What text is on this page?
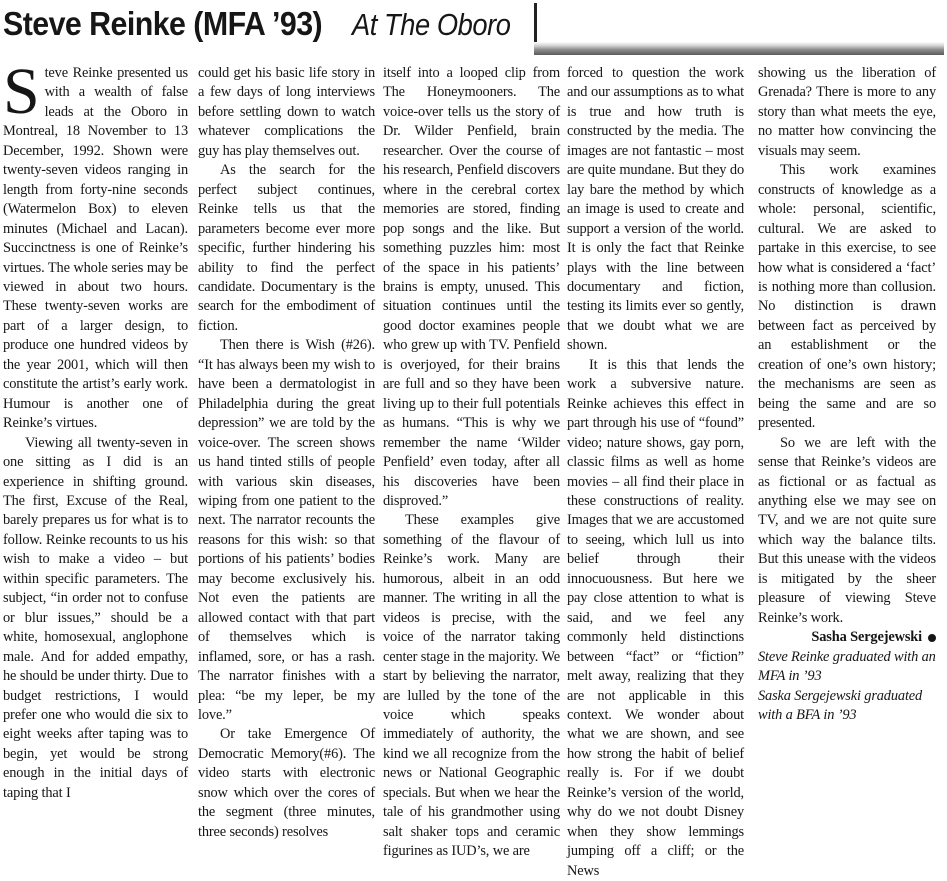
Steve Reinke (MFA ’93) At The Oboro

Steve Reinke presented us with a wealth of false leads at the Oboro in Montreal, 18 November to 13 December, 1992. Shown were twenty-seven videos ranging in length from forty-nine seconds (Watermelon Box) to eleven minutes (Michael and Lacan). Succinctness is one of Reinke’s virtues. The whole series may be viewed in about two hours. These twenty-seven works are part of a larger design, to produce one hundred videos by the year 2001, which will then constitute the artist’s early work. Humour is another one of Reinke’s virtues.

Viewing all twenty-seven in one sitting as I did is an experience in shifting ground. The first, Excuse of the Real, barely prepares us for what is to follow. Reinke recounts to us his wish to make a video – but within specific parameters. The subject, “in order not to confuse or blur issues,” should be a white, homosexual, anglophone male. And for added empathy, he should be under thirty. Due to budget restrictions, I would prefer one who would die six to eight weeks after taping was to begin, yet would be strong enough in the initial days of taping that I

could get his basic life story in a few days of long interviews before settling down to watch whatever complications the guy has play themselves out.

As the search for the perfect subject continues, Reinke tells us that the parameters become ever more specific, further hindering his ability to find the perfect candidate. Documentary is the search for the embodiment of fiction.

Then there is Wish (#26). “It has always been my wish to have been a dermatologist in Philadelphia during the great depression” we are told by the voice-over. The screen shows us hand tinted stills of people with various skin diseases, wiping from one patient to the next. The narrator recounts the reasons for this wish: so that portions of his patients’ bodies may become exclusively his. Not even the patients are allowed contact with that part of themselves which is inflamed, sore, or has a rash. The narrator finishes with a plea: “be my leper, be my love.”

Or take Emergence Of Democratic Memory(#6). The video starts with electronic snow which over the cores of the segment (three minutes, three seconds) resolves

itself into a looped clip from The Honeymooners. The voice-over tells us the story of Dr. Wilder Penfield, brain researcher. Over the course of his research, Penfield discovers where in the cerebral cortex memories are stored, finding pop songs and the like. But something puzzles him: most of the space in his patients’ brains is empty, unused. This situation continues until the good doctor examines people who grew up with TV. Penfield is overjoyed, for their brains are full and so they have been living up to their full potentials as humans. “This is why we remember the name ‘Wilder Penfield’ even today, after all his discoveries have been disproved.”

These examples give something of the flavour of Reinke’s work. Many are humorous, albeit in an odd manner. The writing in all the videos is precise, with the voice of the narrator taking center stage in the majority. We start by believing the narrator, are lulled by the tone of the voice which speaks immediately of authority, the kind we all recognize from the news or National Geographic specials. But when we hear the tale of his grandmother using salt shaker tops and ceramic figurines as IUD’s, we are

forced to question the work and our assumptions as to what is true and how truth is constructed by the media. The images are not fantastic – most are quite mundane. But they do lay bare the method by which an image is used to create and support a version of the world. It is only the fact that Reinke plays with the line between documentary and fiction, testing its limits ever so gently, that we doubt what we are shown.

It is this that lends the work a subversive nature. Reinke achieves this effect in part through his use of “found” video; nature shows, gay porn, classic films as well as home movies – all find their place in these constructions of reality. Images that we are accustomed to seeing, which lull us into belief through their innocuousness. But here we pay close attention to what is said, and we feel any commonly held distinctions between “fact” or “fiction” melt away, realizing that they are not applicable in this context. We wonder about what we are shown, and see how strong the habit of belief really is. For if we doubt Reinke’s version of the world, why do we not doubt Disney when they show lemmings jumping off a cliff; or the News

showing us the liberation of Grenada? There is more to any story than what meets the eye, no matter how convincing the visuals may seem.

This work examines constructs of knowledge as a whole: personal, scientific, cultural. We are asked to partake in this exercise, to see how what is considered a ‘fact’ is nothing more than collusion. No distinction is drawn between fact as perceived by an establishment or the creation of one’s own history; the mechanisms are seen as being the same and are so presented.

So we are left with the sense that Reinke’s videos are as fictional or as factual as anything else we may see on TV, and we are not quite sure which way the balance tilts. But this unease with the videos is mitigated by the sheer pleasure of viewing Steve Reinke’s work.

Sasha Sergejewski

Steve Reinke graduated with an MFA in ’93

Saska Sergejewski graduated with a BFA in ’93
